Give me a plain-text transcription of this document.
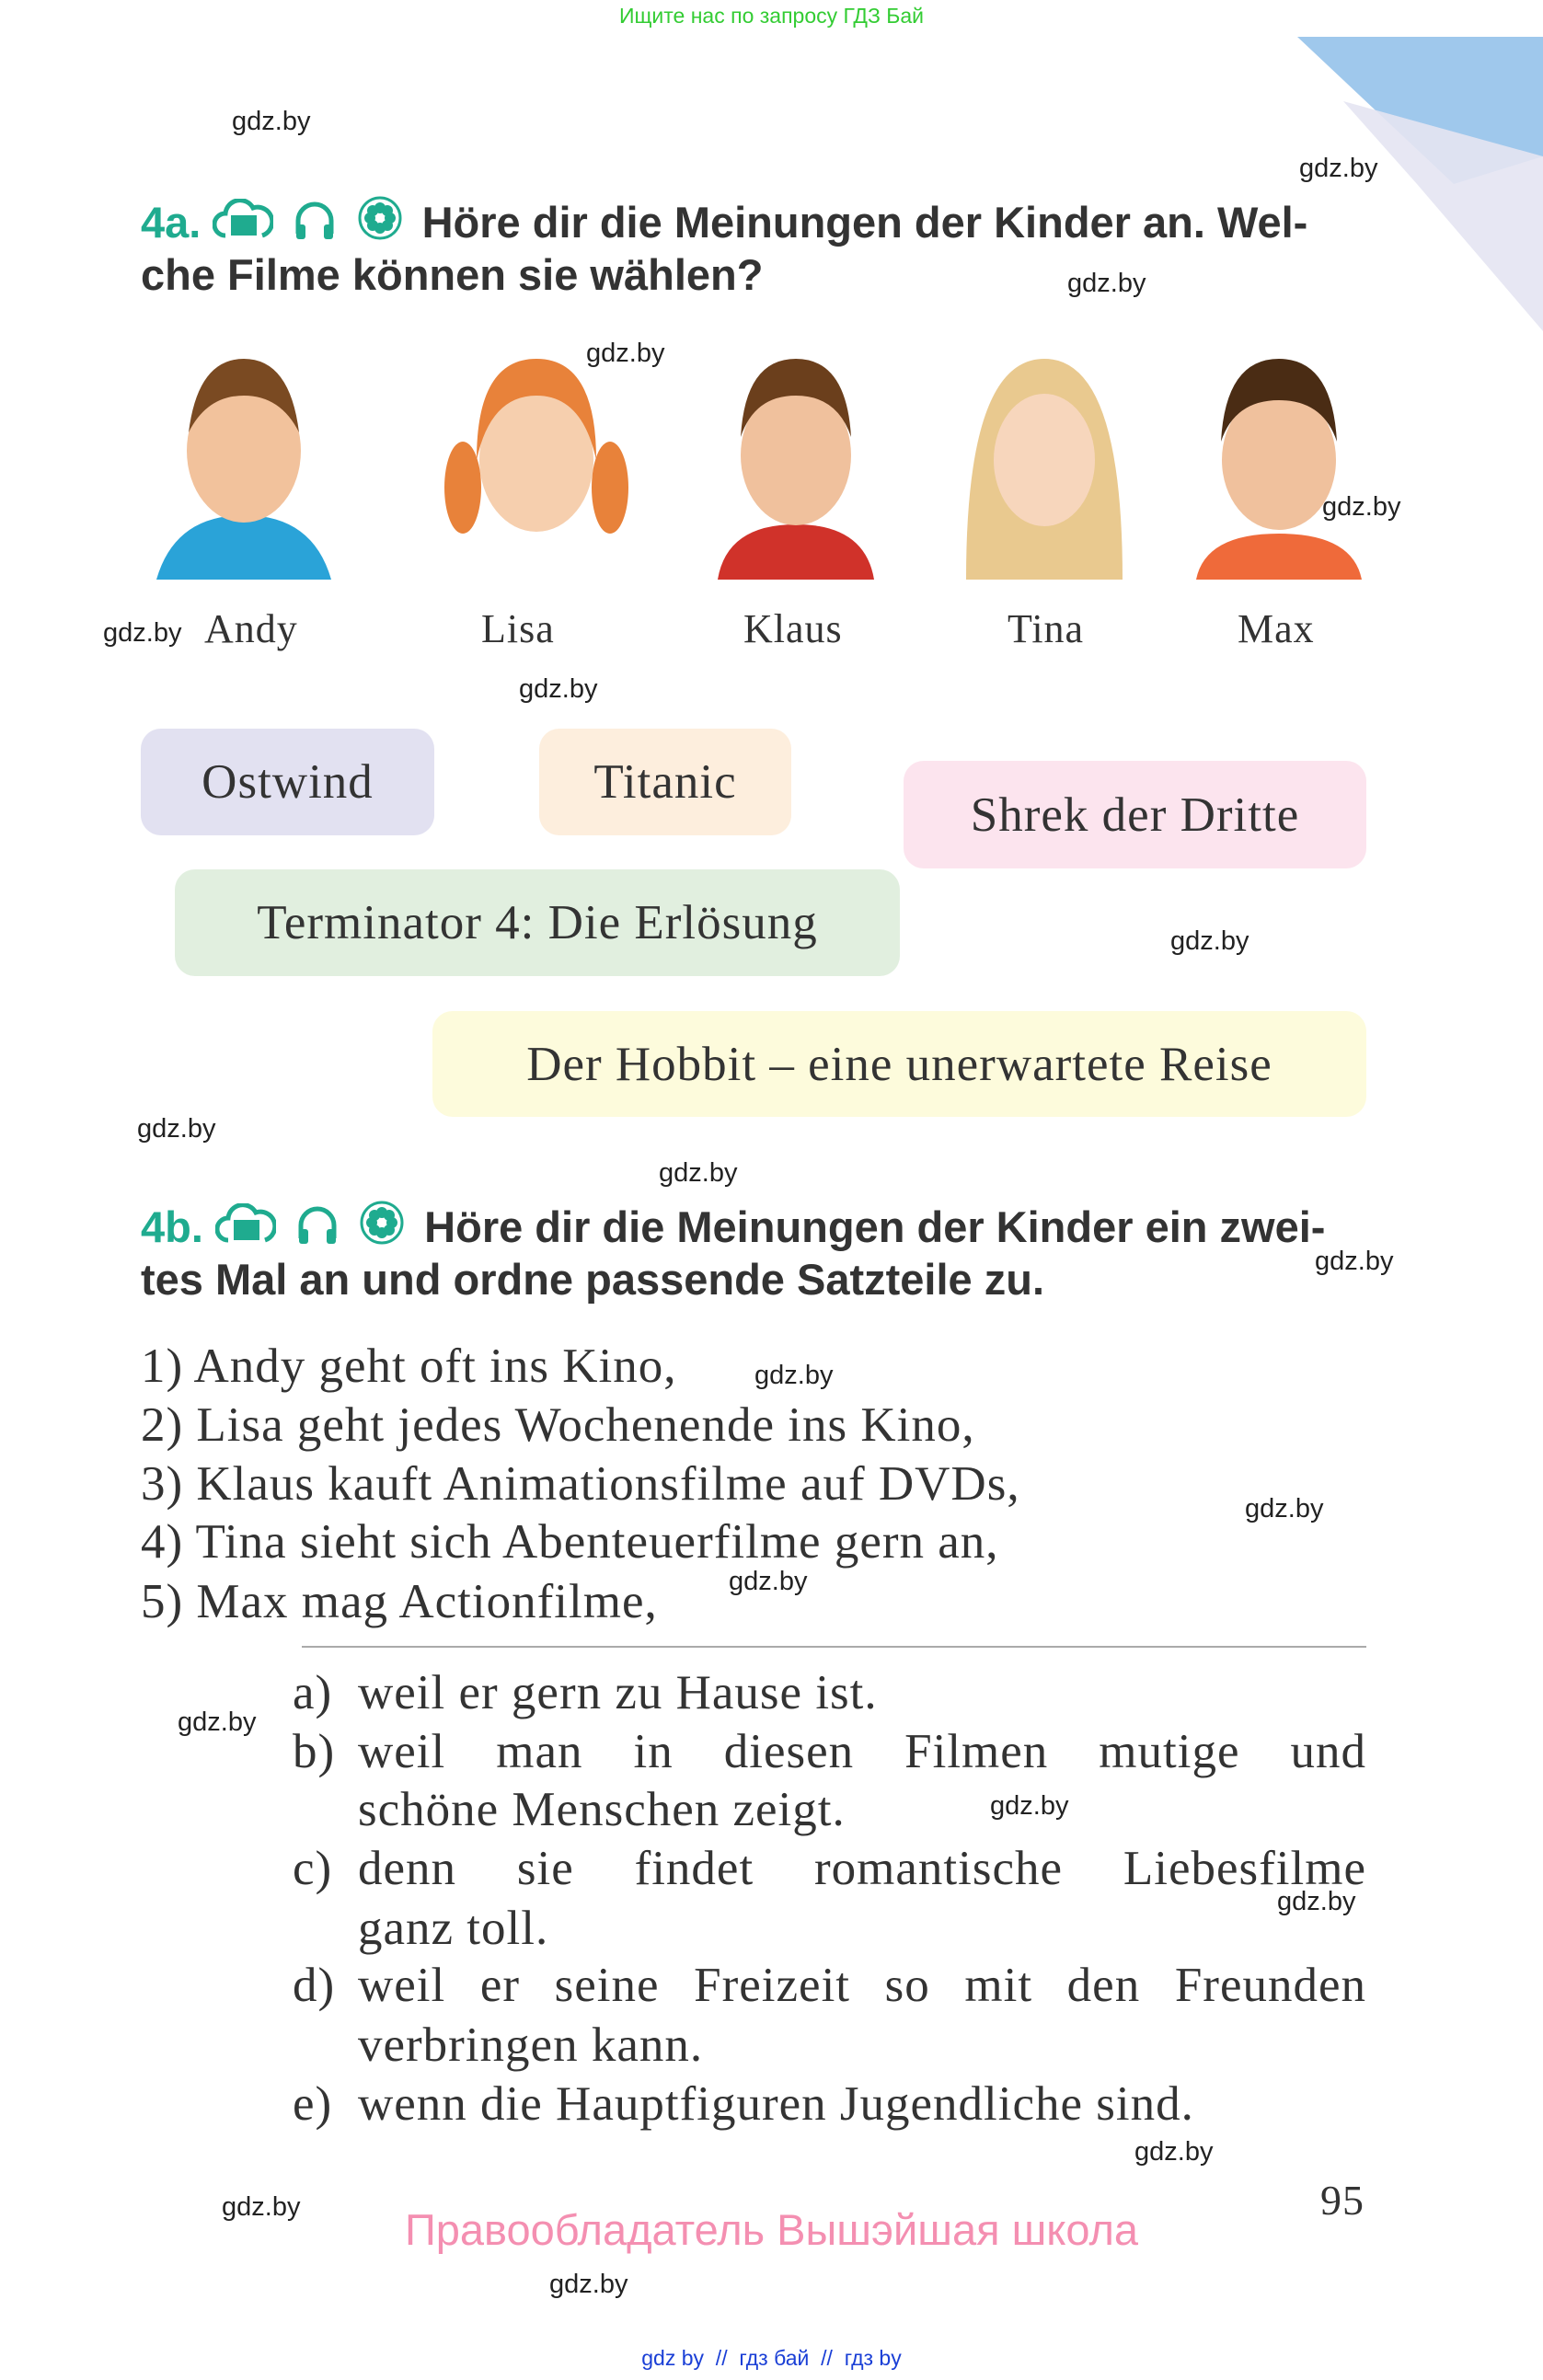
Ищите нас по запросу ГДЗ Бай
4a.	Höre dir die Meinungen der Kinder an. Wel-
che Filme können sie wählen?
Andy	Lisa	Klaus	Tina	Max
Ostwind	Titanic
Shrek der Dritte
Terminator 4: Die Erlösung
Der Hobbit – eine unerwartete Reise
4b.	Höre dir die Meinungen der Kinder ein zwei-
tes Mal an und ordne passende Satzteile zu.
1) Andy geht oft ins Kino,
2) Lisa geht jedes Wochenende ins Kino,
3) Klaus kauft Animationsfilme auf DVDs,
4) Tina sieht sich Abenteuerfilme gern an,
5) Max mag Actionfilme,
a) weil er gern zu Hause ist.
b) weil man in diesen Filmen mutige und
schöne Menschen zeigt.
c) denn sie findet romantische Liebesfilme
ganz toll.
d) weil er seine Freizeit so mit den Freunden
verbringen kann.
e) wenn die Hauptfiguren Jugendliche sind.
95
Правообладатель Вышэйшая школа
gdz by  //  гдз бай  //  гдз by
gdz.by
gdz.by
gdz.by
gdz.by
gdz.by
gdz.by
gdz.by
gdz.by
gdz.by
gdz.by
gdz.by
gdz.by
gdz.by
gdz.by
gdz.by
gdz.by
gdz.by
gdz.by
gdz.by
gdz.by
